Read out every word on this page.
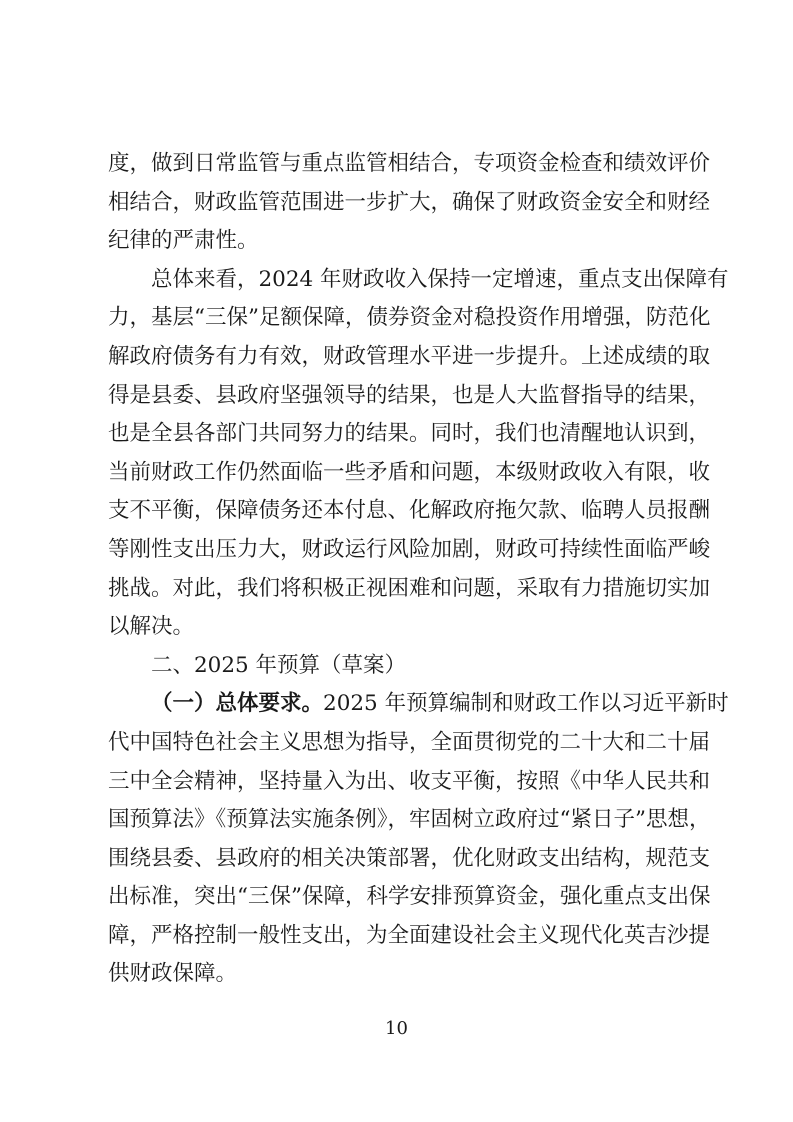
度，做到日常监管与重点监管相结合，专项资金检查和绩效评价
相结合，财政监管范围进一步扩大，确保了财政资金安全和财经
纪律的严肃性。
总体来看，2024 年财政收入保持一定增速，重点支出保障有
力，基层“三保”足额保障，债券资金对稳投资作用增强，防范化
解政府债务有力有效，财政管理水平进一步提升。上述成绩的取
得是县委、县政府坚强领导的结果，也是人大监督指导的结果，
也是全县各部门共同努力的结果。同时，我们也清醒地认识到，
当前财政工作仍然面临一些矛盾和问题，本级财政收入有限，收
支不平衡，保障债务还本付息、化解政府拖欠款、临聘人员报酬
等刚性支出压力大，财政运行风险加剧，财政可持续性面临严峻
挑战。对此，我们将积极正视困难和问题，采取有力措施切实加
以解决。
二、2025 年预算（草案）
（一）总体要求。2025 年预算编制和财政工作以习近平新时
代中国特色社会主义思想为指导，全面贯彻党的二十大和二十届
三中全会精神，坚持量入为出、收支平衡，按照《中华人民共和
国预算法》《预算法实施条例》，牢固树立政府过“紧日子”思想，
围绕县委、县政府的相关决策部署，优化财政支出结构，规范支
出标准，突出“三保”保障，科学安排预算资金，强化重点支出保
障，严格控制一般性支出，为全面建设社会主义现代化英吉沙提
供财政保障。
10
